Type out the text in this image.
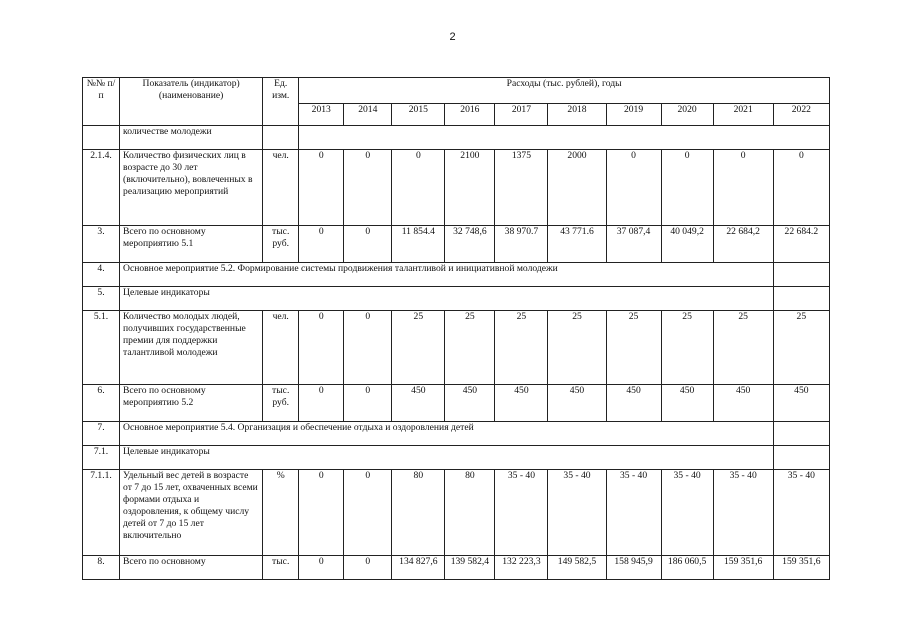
2
№№ п/п	Показатель (индикатор) (наименование)	Ед. изм.	Расходы (тыс. рублей), годы									
			2013	2014	2015	2016	2017	2018	2019	2020	2021	2022
	количестве молодежи											
2.1.4.	Количество физических лиц в возрасте до 30 лет (включительно), вовлеченных в реализацию мероприятий	чел.	0	0	0	2100	1375	2000	0	0	0	0
3.	Всего по основному мероприятию 5.1	тыс. руб.	0	0	11 854.4	32 748,6	38 970.7	43 771.6	37 087,4	40 049,2	22 684,2	22 684.2
4.	Основное мероприятие 5.2. Формирование системы продвижения талантливой и инициативной молодежи											
5.	Целевые индикаторы											
5.1.	Количество молодых людей, получивших государственные премии для поддержки талантливой молодежи	чел.	0	0	25	25	25	25	25	25	25	25
6.	Всего по основному мероприятию 5.2	тыс. руб.	0	0	450	450	450	450	450	450	450	450
7.	Основное мероприятие 5.4. Организация и обеспечение отдыха и оздоровления детей											
7.1.	Целевые индикаторы											
7.1.1.	Удельный вес детей в возрасте от 7 до 15 лет, охваченных всеми формами отдыха и оздоровления, к общему числу детей от 7 до 15 лет включительно	%	0	0	80	80	35 - 40	35 - 40	35 - 40	35 - 40	35 - 40	35 - 40
8.	Всего по основному	тыс.	0	0	134 827,6	139 582,4	132 223,3	149 582,5	158 945,9	186 060,5	159 351,6	159 351,6
